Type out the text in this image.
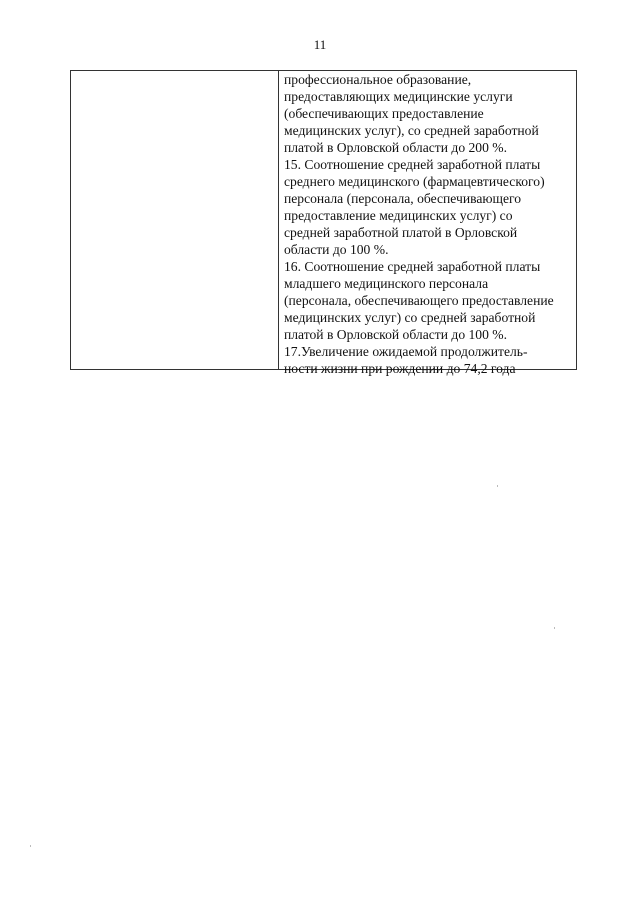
11
профессиональное образование,
предоставляющих медицинские услуги
(обеспечивающих предоставление
медицинских услуг), со средней заработной
платой в Орловской области до 200 %.
15. Соотношение средней заработной платы
среднего медицинского (фармацевтического)
персонала (персонала, обеспечивающего
предоставление медицинских услуг) со
средней заработной платой в Орловской
области до 100 %.
16. Соотношение средней заработной платы
младшего медицинского персонала
(персонала, обеспечивающего предоставление
медицинских услуг) со средней заработной
платой в Орловской области до 100 %.
17.Увеличение ожидаемой продолжитель-
ности жизни при рождении до 74,2 года
